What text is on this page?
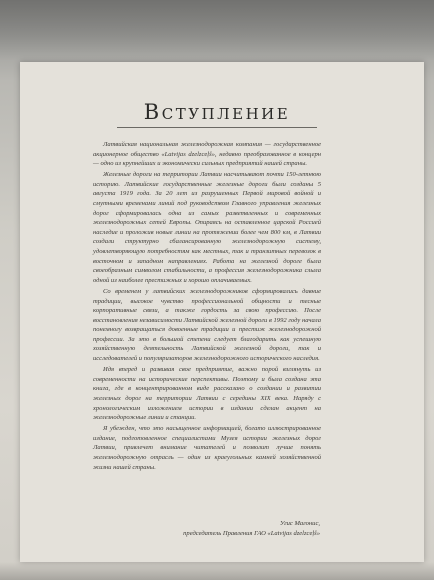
Вступление

Латвийская национальная железнодорожная компания — государственное акционерное общество «Latvijas dzelzceļš», недавно преобразованное в концерн — одно из крупнейших и экономически сильных предприятий нашей страны.

Железные дороги на территории Латвии насчитывают почти 150-летнюю историю. Латвийские государственные железные дороги были созданы 5 августа 1919 года. За 20 лет из разрушенных Первой мировой войной и смутными временами линий под руководством Главного управления железных дорог сформировалась одна из самых разветвленных и современных железнодорожных сетей Европы. Опираясь на оставленное царской Россией наследие и проложив новые линии на протяжении более чем 800 км, в Латвии создали структурно сбалансированную железнодорожную систему, удовлетворяющую потребностям как местных, так и транзитных перевозок в восточном и западном направлениях. Работа на железной дороге была своеобразным символом стабильности, а профессия железнодорожника слыла одной из наиболее престижных и хорошо оплачиваемых.

Со временем у латвийских железнодорожников сформировались давние традиции, высокое чувство профессиональной общности и тесные корпоративные связи, а также гордость за свою профессию. После восстановления независимости Латвийской железной дороги в 1992 году начала понемногу возвращаться довоенные традиции и престиж железнодорожной профессии. За это в большой степени следует благодарить как успешную хозяйственную деятельность Латвийской железной дороги, так и исследователей и популяризаторов железнодорожного исторического наследия.

Идя вперед и развивая свое предприятие, важно порой взглянуть из современности на исторические перспективы. Поэтому и была создана эта книга, где в концентрированном виде рассказано о создании и развитии железных дорог на территории Латвии с середины XIX века. Наряду с хронологическим изложением истории в издании сделан акцент на железнодорожные линии и станции.

Я убежден, что это насыщенное информацией, богато иллюстрированное издание, подготовленное специалистами Музея истории железных дорог Латвии, привлечет внимание читателей и позволит лучше понять железнодорожную отрасль — один из краеугольных камней хозяйственной жизни нашей страны.

Угис Магонис,
председатель Правления ГАО «Latvijas dzelzceļš»
